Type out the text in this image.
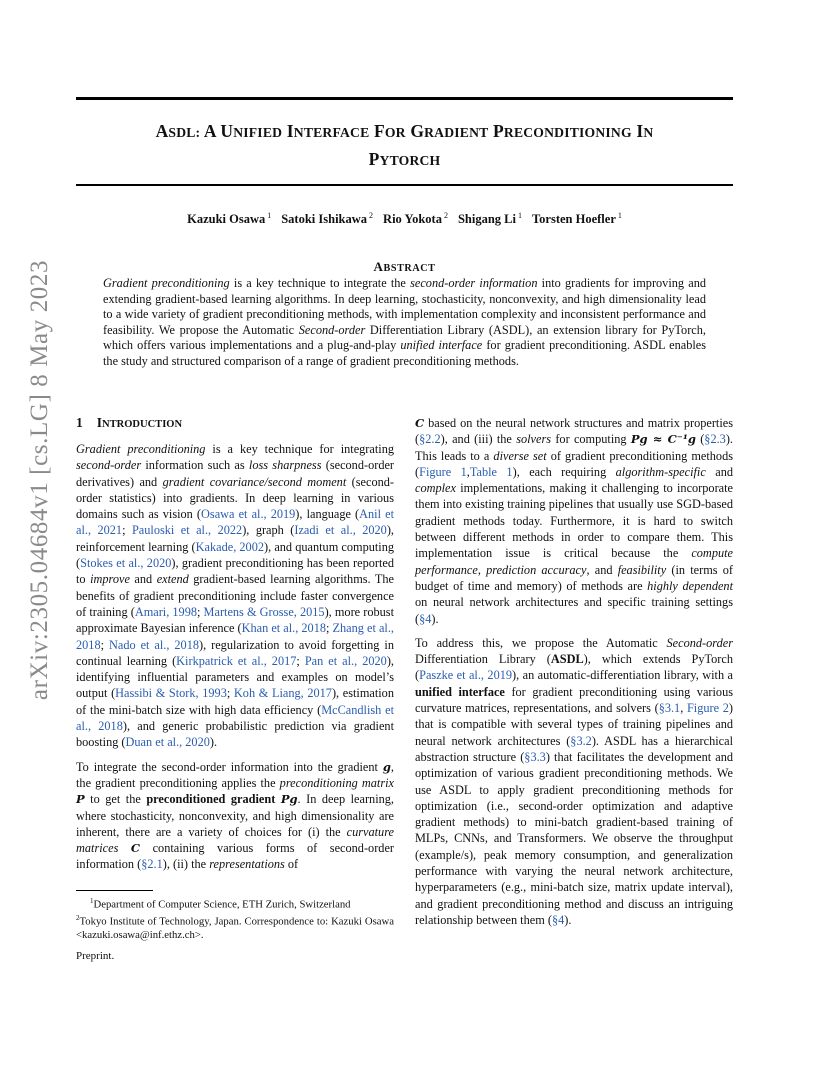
ASDL: A UNIFIED INTERFACE FOR GRADIENT PRECONDITIONING IN
PYTORCH
Kazuki Osawa $^1$ Satoki Ishikawa $^2$ Rio Yokota $^2$ Shigang Li $^1$ Torsten Hoefler $^1$
ABSTRACT
Gradient preconditioning is a key technique to integrate the second-order information into gradients for improving and extending gradient-based learning algorithms. In deep learning, stochasticity, nonconvexity, and high dimensionality lead to a wide variety of gradient preconditioning methods, with implementation complexity and inconsistent performance and feasibility. We propose the Automatic Second-order Differentiation Library (ASDL), an extension library for PyTorch, which offers various implementations and a plug-and-play unified interface for gradient preconditioning. ASDL enables the study and structured comparison of a range of gradient preconditioning methods.
1 INTRODUCTION

Gradient preconditioning is a key technique for integrating second-order information such as loss sharpness (second-order derivatives) and gradient covariance/second moment (second-order statistics) into gradients. In deep learning in various domains such as vision (Osawa et al., 2019), language (Anil et al., 2021; Pauloski et al., 2022), graph (Izadi et al., 2020), reinforcement learning (Kakade, 2002), and quantum computing (Stokes et al., 2020), gradient preconditioning has been reported to improve and extend gradient-based learning algorithms. The benefits of gradient preconditioning include faster convergence of training (Amari, 1998; Martens & Grosse, 2015), more robust approximate Bayesian inference (Khan et al., 2018; Zhang et al., 2018; Nado et al., 2018), regularization to avoid forgetting in continual learning (Kirkpatrick et al., 2017; Pan et al., 2020), identifying influential parameters and examples on model’s output (Hassibi & Stork, 1993; Koh & Liang, 2017), estimation of the mini-batch size with high data efficiency (McCandlish et al., 2018), and generic probabilistic prediction via gradient boosting (Duan et al., 2020).

To integrate the second-order information into the gradient g, the gradient preconditioning applies the preconditioning matrix P to get the preconditioned gradient Pg. In deep learning, where stochasticity, nonconvexity, and high dimensionality are inherent, there are a variety of choices for (i) the curvature matrices C containing various forms of second-order information (§2.1), (ii) the representations of

C based on the neural network structures and matrix properties (§2.2), and (iii) the solvers for computing Pg ≈ C⁻¹g (§2.3). This leads to a diverse set of gradient preconditioning methods (Figure 1,Table 1), each requiring algorithm-specific and complex implementations, making it challenging to incorporate them into existing training pipelines that usually use SGD-based gradient methods today. Furthermore, it is hard to switch between different methods in order to compare them. This implementation issue is critical because the compute performance, prediction accuracy, and feasibility (in terms of budget of time and memory) of methods are highly dependent on neural network architectures and specific training settings (§4).

To address this, we propose the Automatic Second-order Differentiation Library (ASDL), which extends PyTorch (Paszke et al., 2019), an automatic-differentiation library, with a unified interface for gradient preconditioning using various curvature matrices, representations, and solvers (§3.1, Figure 2) that is compatible with several types of training pipelines and neural network architectures (§3.2). ASDL has a hierarchical abstraction structure (§3.3) that facilitates the development and optimization of various gradient preconditioning methods. We use ASDL to apply gradient preconditioning methods for optimization (i.e., second-order optimization and adaptive gradient methods) to mini-batch gradient-based training of MLPs, CNNs, and Transformers. We observe the throughput (example/s), peak memory consumption, and generalization performance with varying the neural network architecture, hyperparameters (e.g., mini-batch size, matrix update interval), and gradient preconditioning method and discuss an intriguing relationship between them (§4).

$^1$Department of Computer Science, ETH Zurich, Switzerland

$^2$Tokyo Institute of Technology, Japan. Correspondence to: Kazuki Osawa <kazuki.osawa@inf.ethz.ch>.

Preprint.
arXiv:2305.04684v1 [cs.LG] 8 May 2023
